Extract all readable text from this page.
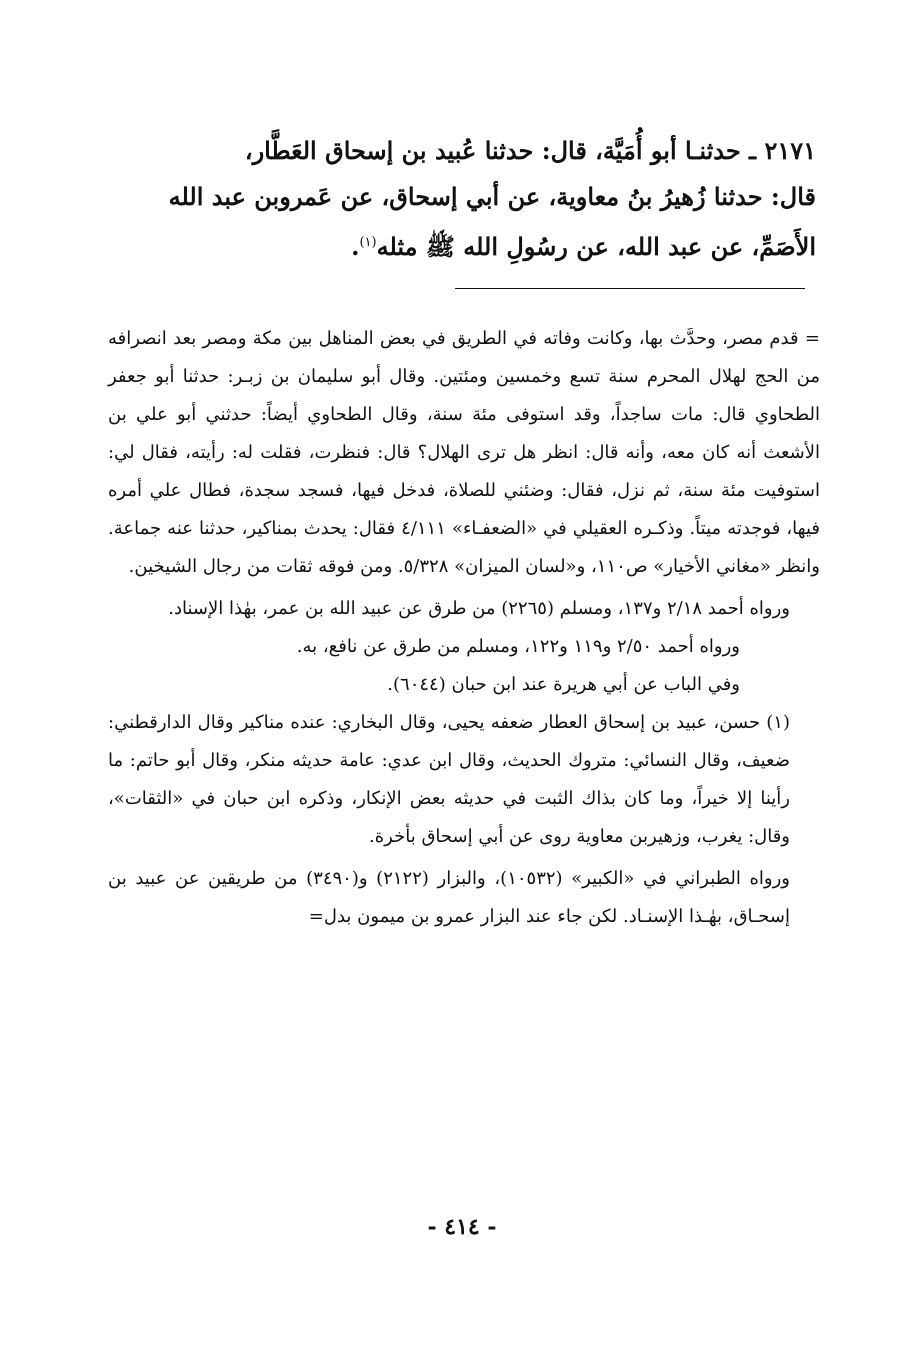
٢١٧١ ـ حدثنـا أبو أُمَيَّة، قال: حدثنا عُبيد بن إسحاق العَطَّار،

قال: حدثنا زُهيرُ بنُ معاوية، عن أبي إسحاق، عن عَمروبن عبد الله

الأَصَمِّ، عن عبد الله، عن رسُولِ الله ﷺ مثله$^{(١)}$.

= قدم مصر، وحدَّث بها، وكانت وفاته في الطريق في بعض المناهل بين مكة ومصر بعد انصرافه من الحج لهلال المحرم سنة تسع وخمسين ومئتين. وقال أبو سليمان بن زبـر: حدثنا أبو جعفر الطحاوي قال: مات ساجداً، وقد استوفى مئة سنة، وقال الطحاوي أيضاً: حدثني أبو علي بن الأشعث أنه كان معه، وأنه قال: انظر هل ترى الهلال؟ قال: فنظرت، فقلت له: رأيته، فقال لي: استوفيت مئة سنة، ثم نزل، فقال: وضئني للصلاة، فدخل فيها، فسجد سجدة، فطال علي أمره فيها، فوجدته ميتاً. وذكـره العقيلي في «الضعفـاء» ٤/١١١ فقال: يحدث بمناكير، حدثنا عنه جماعة. وانظر «مغاني الأخيار» ص١١٠، و«لسان الميزان» ٥/٣٢٨. ومن فوقه ثقات من رجال الشيخين.

ورواه أحمد ٢/١٨ و١٣٧، ومسلم (٢٢٦٥) من طرق عن عبيد الله بن عمر، بهٰذا الإسناد.

ورواه أحمد ٢/٥٠ و١١٩ و١٢٢، ومسلم من طرق عن نافع، به.

وفي الباب عن أبي هريرة عند ابن حبان (٦٠٤٤).

(١) حسن، عبيد بن إسحاق العطار ضعفه يحيى، وقال البخاري: عنده مناكير وقال الدارقطني: ضعيف، وقال النسائي: متروك الحديث، وقال ابن عدي: عامة حديثه منكر، وقال أبو حاتم: ما رأينا إلا خيراً، وما كان بذاك الثبت في حديثه بعض الإنكار، وذكره ابن حبان في «الثقات»، وقال: يغرب، وزهيربن معاوية روى عن أبي إسحاق بأخرة.

ورواه الطبراني في «الكبير» (١٠٥٣٢)، والبزار (٢١٢٢) و(٣٤٩٠) من طريقين عن عبيد بن إسحـاق، بهٰـذا الإسنـاد. لكن جاء عند البزار عمرو بن ميمون بدل=

- ٤١٤ -
